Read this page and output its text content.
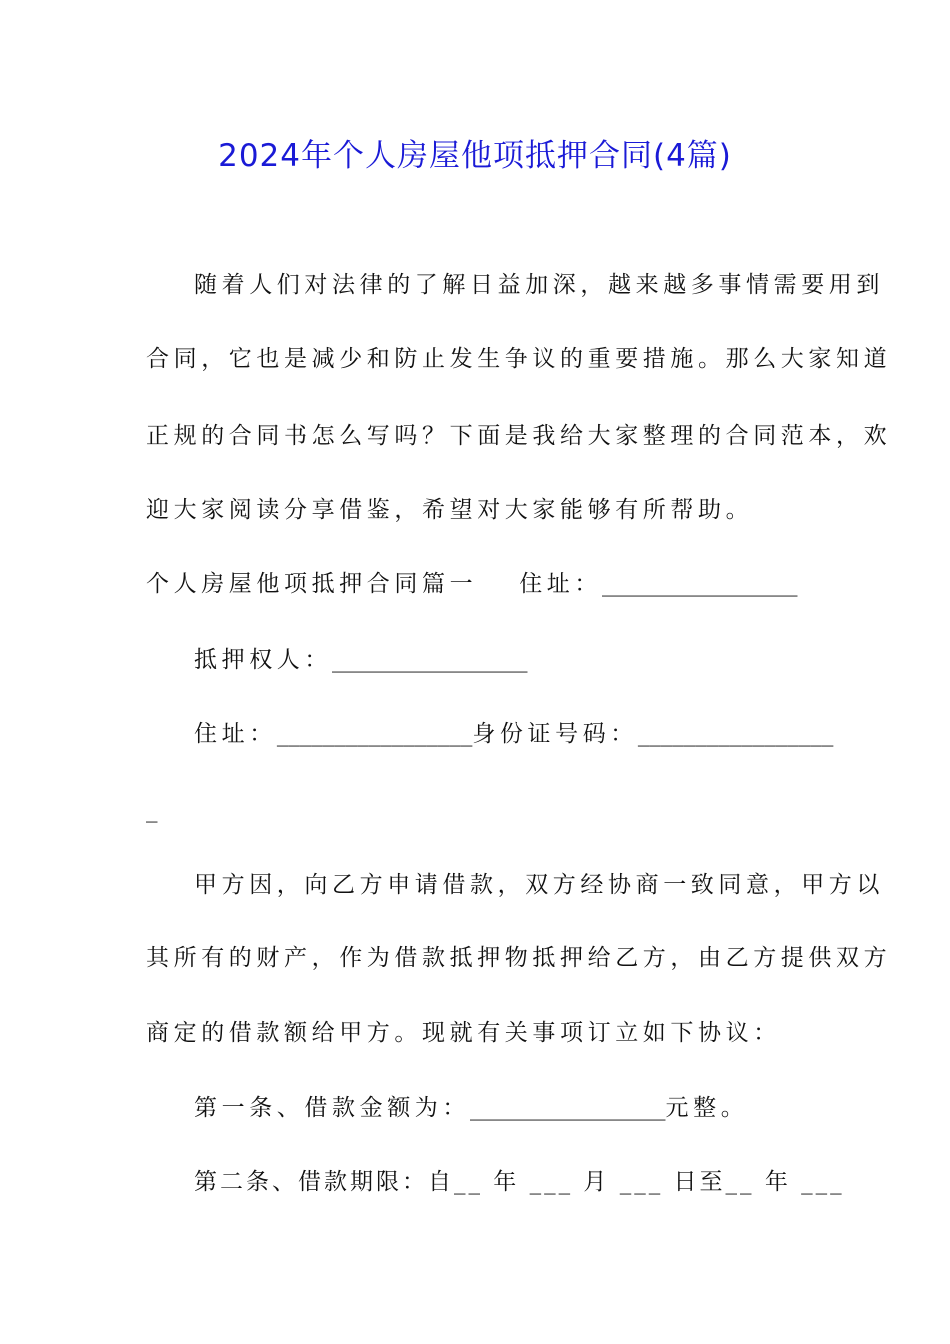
2024年个人房屋他项抵押合同(4篇)
随着人们对法律的了解日益加深，越来越多事情需要用到
合同，它也是减少和防止发生争议的重要措施。那么大家知道
正规的合同书怎么写吗？下面是我给大家整理的合同范本，欢
迎大家阅读分享借鉴，希望对大家能够有所帮助。
个人房屋他项抵押合同篇一 住址：_________________
抵押权人：_________________
住址：_________________身份证号码：_________________
_
甲方因，向乙方申请借款，双方经协商一致同意，甲方以
其所有的财产，作为借款抵押物抵押给乙方，由乙方提供双方
商定的借款额给甲方。现就有关事项订立如下协议：
第一条、借款金额为：_________________元整。
第二条、借款期限：自__ 年 ___ 月 ___ 日至__ 年 ___
